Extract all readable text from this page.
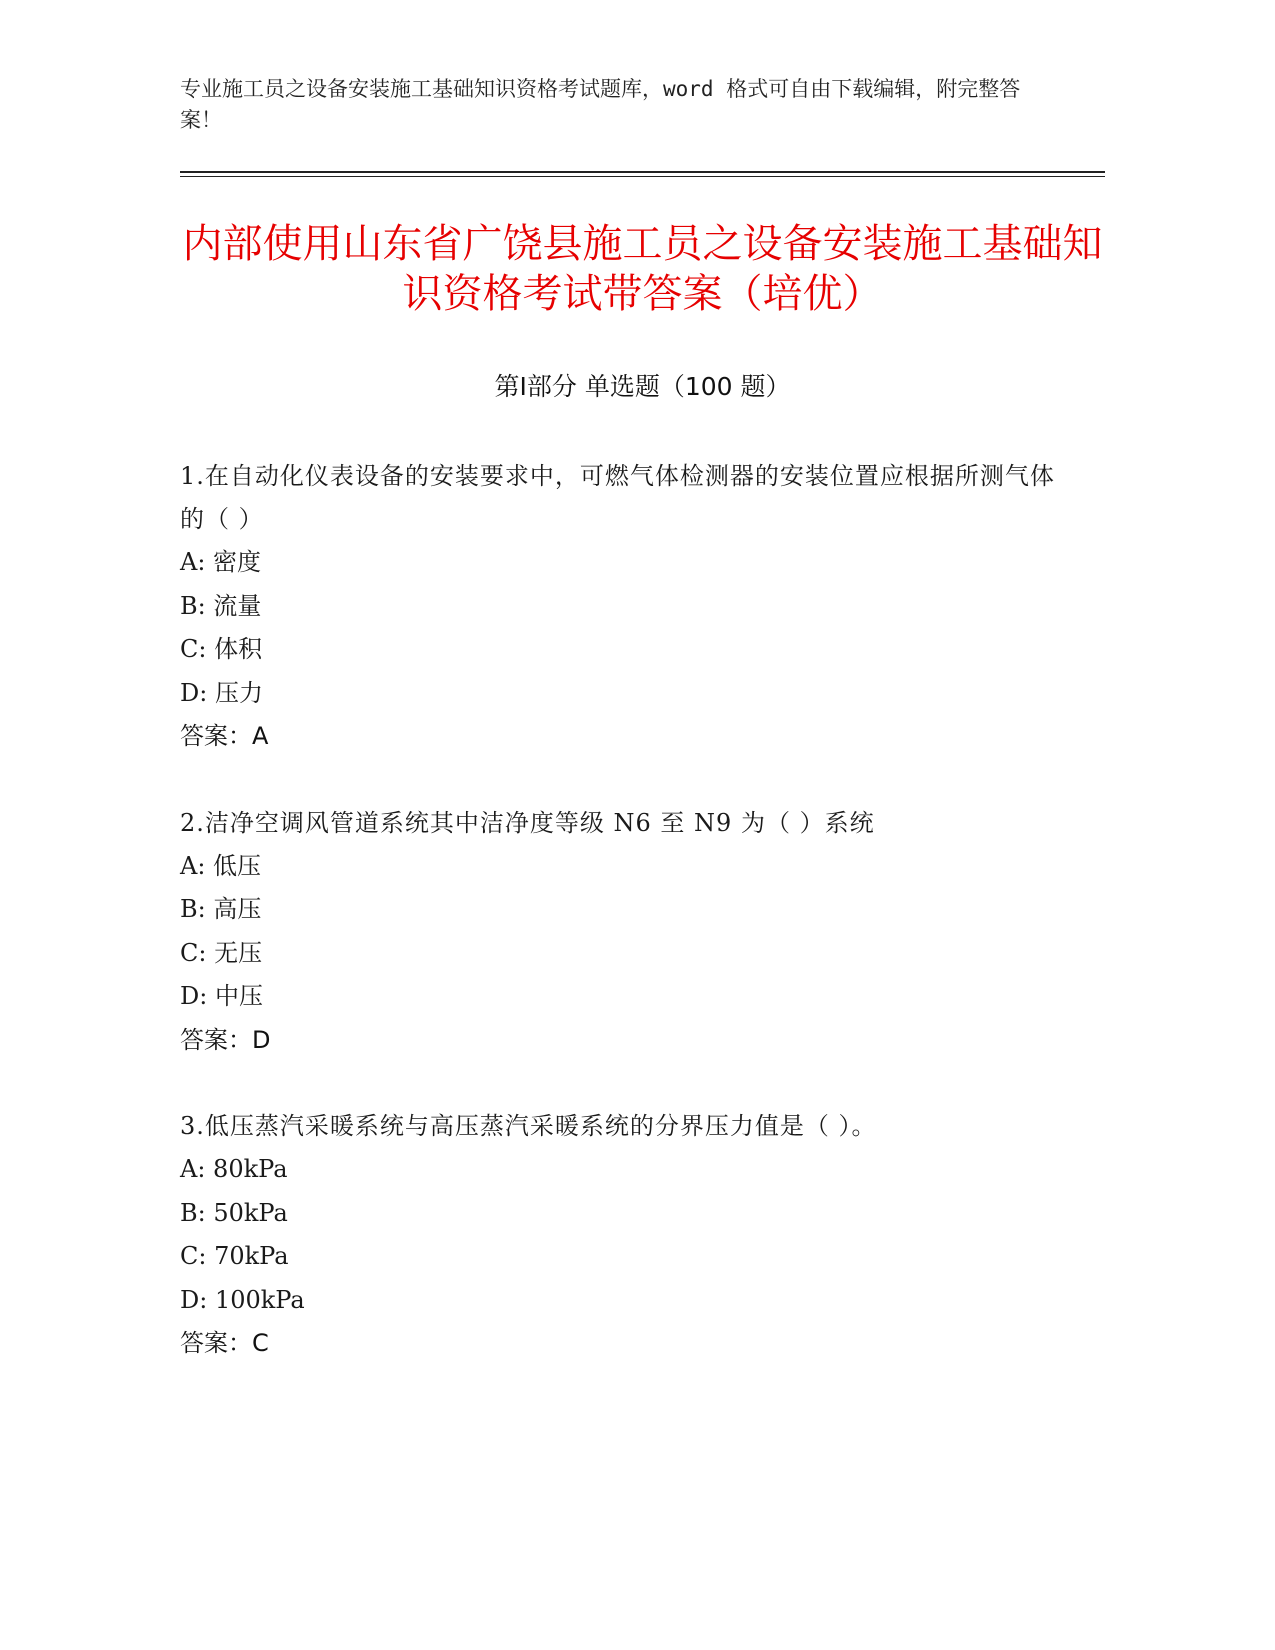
专业施工员之设备安装施工基础知识资格考试题库，word 格式可自由下载编辑，附完整答案！
内部使用山东省广饶县施工员之设备安装施工基础知识资格考试带答案（培优）
第Ⅰ部分 单选题（100 题）
1.在自动化仪表设备的安装要求中，可燃气体检测器的安装位置应根据所测气体的（ ）
A: 密度
B: 流量
C: 体积
D: 压力
答案：A
2.洁净空调风管道系统其中洁净度等级 N6 至 N9 为（ ）系统
A: 低压
B: 高压
C: 无压
D: 中压
答案：D
3.低压蒸汽采暖系统与高压蒸汽采暖系统的分界压力值是（ ）。
A: 80kPa
B: 50kPa
C: 70kPa
D: 100kPa
答案：C
